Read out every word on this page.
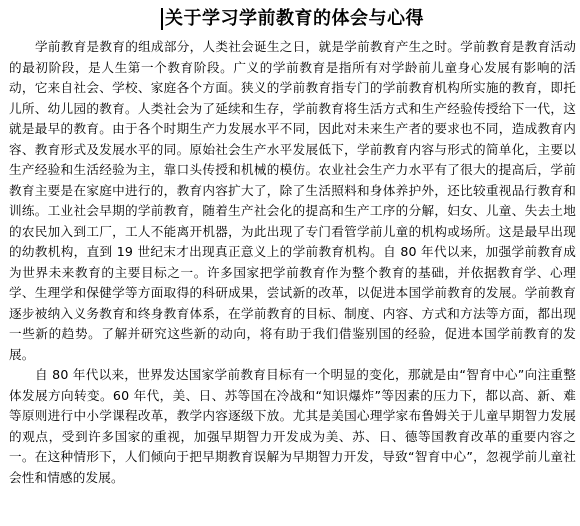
关于学习学前教育的体会与心得

学前教育是教育的组成部分，人类社会诞生之日，就是学前教育产生之时。学前教育是教育活动的最初阶段，是人生第一个教育阶段。广义的学前教育是指所有对学龄前儿童身心发展有影响的活动，它来自社会、学校、家庭各个方面。狭义的学前教育指专门的学前教育机构所实施的教育，即托儿所、幼儿园的教育。人类社会为了延续和生存，学前教育将生活方式和生产经验传授给下一代，这就是最早的教育。由于各个时期生产力发展水平不同，因此对未来生产者的要求也不同，造成教育内容、教育形式及发展水平的同。原始社会生产水平发展低下，学前教育内容与形式的简单化，主要以生产经验和生活经验为主，靠口头传授和机械的模仿。农业社会生产力水平有了很大的提高后，学前教育主要是在家庭中进行的，教育内容扩大了，除了生活照料和身体养护外，还比较重视品行教育和训练。工业社会早期的学前教育，随着生产社会化的提高和生产工序的分解，妇女、儿童、失去土地的农民加入到工厂，工人不能离开机器，为此出现了专门看管学前儿童的机构或场所。这是最早出现的幼教机构，直到 19 世纪末才出现真正意义上的学前教育机构。自 80 年代以来，加强学前教育成为世界未来教育的主要目标之一。许多国家把学前教育作为整个教育的基础，并依据教育学、心理学、生理学和保健学等方面取得的科研成果，尝试新的改革，以促进本国学前教育的发展。学前教育逐步被纳入义务教育和终身教育体系，在学前教育的目标、制度、内容、方式和方法等方面，都出现一些新的趋势。了解并研究这些新的动向，将有助于我们借鉴别国的经验，促进本国学前教育的发展。

自 80 年代以来，世界发达国家学前教育目标有一个明显的变化，那就是由“智育中心”向注重整体发展方向转变。60 年代，美、日、苏等国在冷战和“知识爆炸”等因素的压力下，都以高、新、难等原则进行中小学课程改革，教学内容逐级下放。尤其是美国心理学家布鲁姆关于儿童早期智力发展的观点，受到许多国家的重视，加强早期智力开发成为美、苏、日、德等国教育改革的重要内容之一。在这种情形下，人们倾向于把早期教育误解为早期智力开发，导致“智育中心”，忽视学前儿童社会性和情感的发展。
